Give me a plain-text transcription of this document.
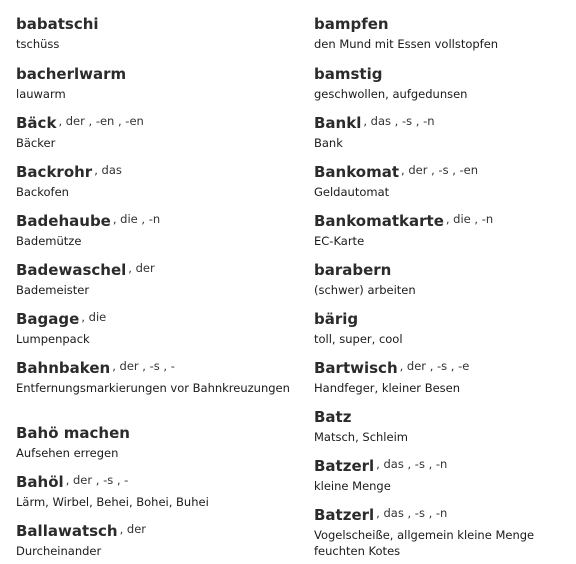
babatschi
tschüss
bacherlwarm
lauwarm
Bäck , der , -en , -en
Bäcker
Backrohr , das
Backofen
Badehaube , die , -n
Bademütze
Badewaschel , der
Bademeister
Bagage , die
Lumpenpack
Bahnbaken , der , -s , -
Entfernungsmarkierungen vor Bahnkreuzungen
Bahö machen
Aufsehen erregen
Bahöl , der , -s , -
Lärm, Wirbel, Behei, Bohei, Buhei
Ballawatsch , der
Durcheinander
bampfen
den Mund mit Essen vollstopfen
bamstig
geschwollen, aufgedunsen
Bankl , das , -s , -n
Bank
Bankomat , der , -s , -en
Geldautomat
Bankomatkarte , die , -n
EC-Karte
barabern
(schwer) arbeiten
bärig
toll, super, cool
Bartwisch , der , -s , -e
Handfeger, kleiner Besen
Batz
Matsch, Schleim
Batzerl , das , -s , -n
kleine Menge
Batzerl , das , -s , -n
Vogelscheiße, allgemein kleine Menge feuchten Kotes
